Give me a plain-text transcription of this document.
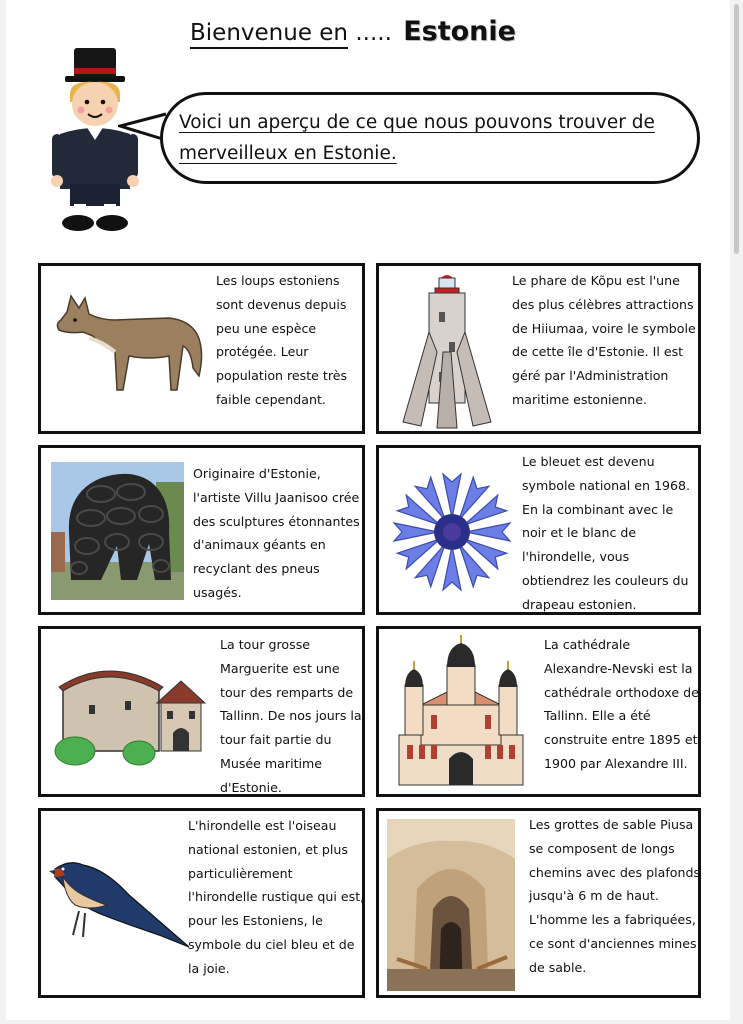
Bienvenue en ..... Estonie

Voici un aperçu de ce que nous pouvons trouver de merveilleux en Estonie.

Les loups estoniens sont devenus depuis peu une espèce protégée. Leur population reste très faible cependant.

Le phare de Kõpu est l'une des plus célèbres attractions de Hiiumaa, voire le symbole de cette île d'Estonie. Il est géré par l'Administration maritime estonienne.

Originaire d'Estonie, l'artiste Villu Jaanisoo crée des sculptures étonnantes d'animaux géants en recyclant des pneus usagés.

Le bleuet est devenu symbole national en 1968. En la combinant avec le noir et le blanc de l'hirondelle, vous obtiendrez les couleurs du drapeau estonien.

La tour grosse Marguerite est une tour des remparts de Tallinn. De nos jours la tour fait partie du Musée maritime d'Estonie.

La cathédrale Alexandre-Nevski est la cathédrale orthodoxe de Tallinn. Elle a été construite entre 1895 et 1900 par Alexandre III.

L'hirondelle est l'oiseau national estonien, et plus particulièrement l'hirondelle rustique qui est, pour les Estoniens, le symbole du ciel bleu et de la joie.

Les grottes de sable Piusa se composent de longs chemins avec des plafonds jusqu'à 6 m de haut. L'homme les a fabriquées, ce sont d'anciennes mines de sable.
